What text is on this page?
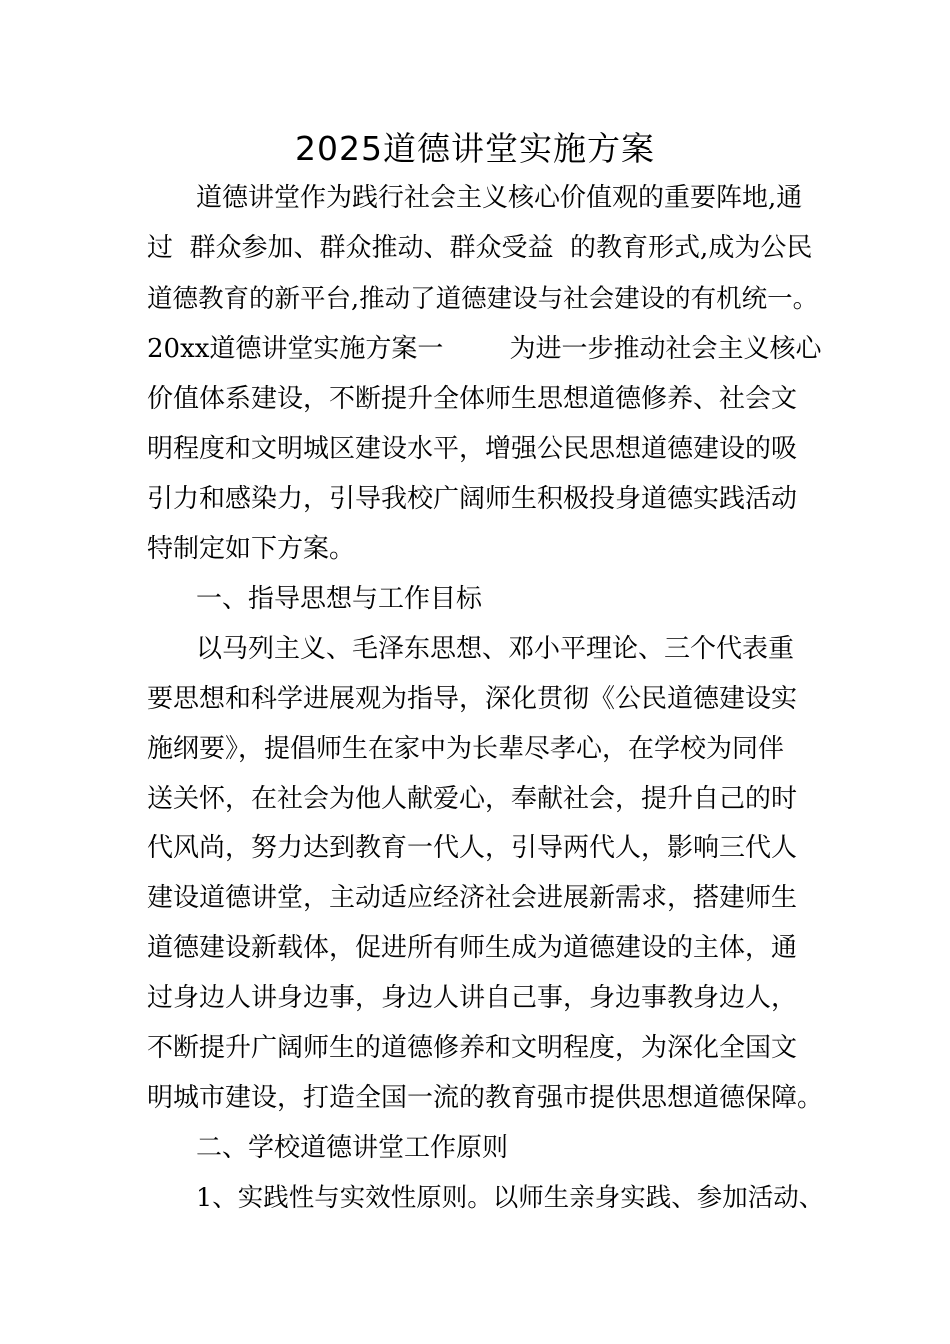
2025道德讲堂实施方案
道德讲堂作为践行社会主义核心价值观的重要阵地,通
过  群众参加、群众推动、群众受益  的教育形式,成为公民
道德教育的新平台,推动了道德建设与社会建设的有机统一。
20xx道德讲堂实施方案一        为进一步推动社会主义核心
价值体系建设，不断提升全体师生思想道德修养、社会文
明程度和文明城区建设水平，增强公民思想道德建设的吸
引力和感染力，引导我校广阔师生积极投身道德实践活动
特制定如下方案。
一、指导思想与工作目标
以马列主义、毛泽东思想、邓小平理论、三个代表重
要思想和科学进展观为指导，深化贯彻《公民道德建设实
施纲要》，提倡师生在家中为长辈尽孝心，在学校为同伴
送关怀，在社会为他人献爱心，奉献社会，提升自己的时
代风尚，努力达到教育一代人，引导两代人，影响三代人
建设道德讲堂，主动适应经济社会进展新需求，搭建师生
道德建设新载体，促进所有师生成为道德建设的主体，通
过身边人讲身边事，身边人讲自己事，身边事教身边人，
不断提升广阔师生的道德修养和文明程度，为深化全国文
明城市建设，打造全国一流的教育强市提供思想道德保障。
二、学校道德讲堂工作原则
1、实践性与实效性原则。以师生亲身实践、参加活动、
